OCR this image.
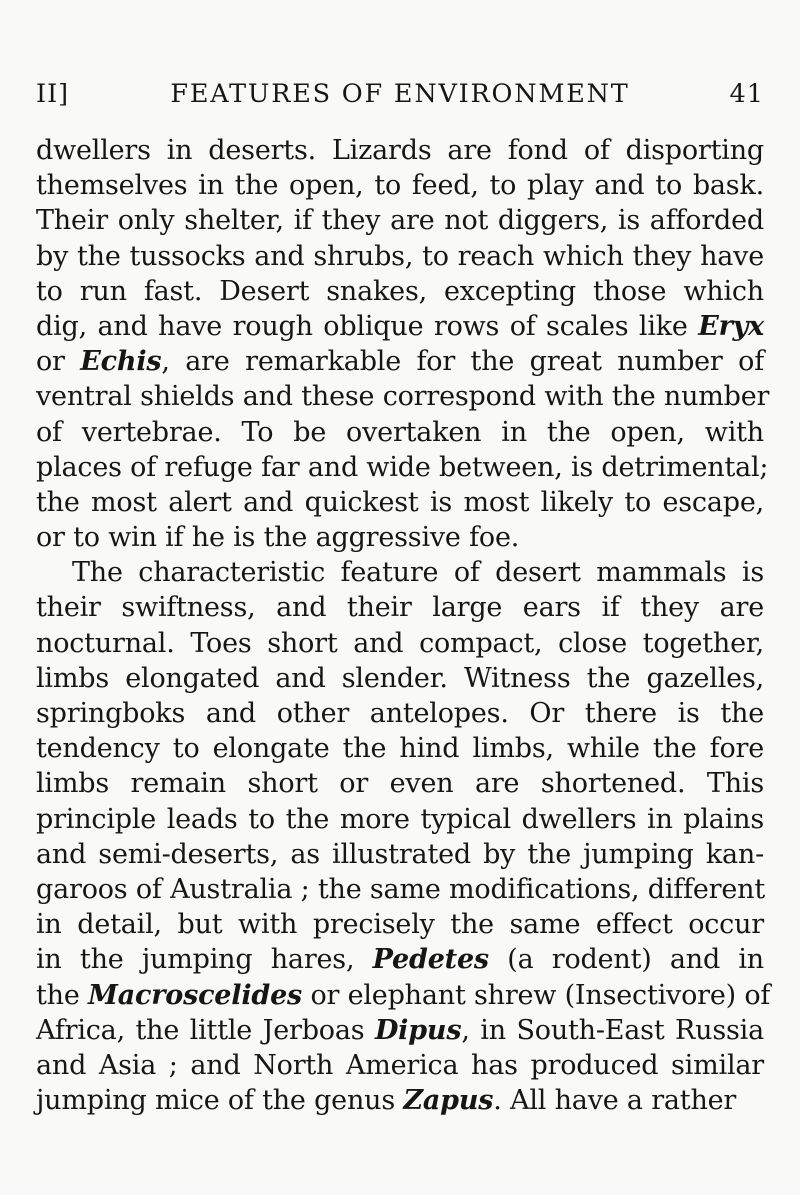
II]	FEATURES OF ENVIRONMENT	41
dwellers in deserts. Lizards are fond of disporting
themselves in the open, to feed, to play and to bask.
Their only shelter, if they are not diggers, is afforded
by the tussocks and shrubs, to reach which they have
to run fast. Desert snakes, excepting those which
dig, and have rough oblique rows of scales like Eryx
or Echis, are remarkable for the great number of
ventral shields and these correspond with the number
of vertebrae. To be overtaken in the open, with
places of refuge far and wide between, is detrimental;
the most alert and quickest is most likely to escape,
or to win if he is the aggressive foe.
The characteristic feature of desert mammals is
their swiftness, and their large ears if they are
nocturnal. Toes short and compact, close together,
limbs elongated and slender. Witness the gazelles,
springboks and other antelopes. Or there is the
tendency to elongate the hind limbs, while the fore
limbs remain short or even are shortened. This
principle leads to the more typical dwellers in plains
and semi-deserts, as illustrated by the jumping kan-
garoos of Australia ; the same modifications, different
in detail, but with precisely the same effect occur
in the jumping hares, Pedetes (a rodent) and in
the Macroscelides or elephant shrew (Insectivore) of
Africa, the little Jerboas Dipus, in South-East Russia
and Asia ; and North America has produced similar
jumping mice of the genus Zapus. All have a rather
